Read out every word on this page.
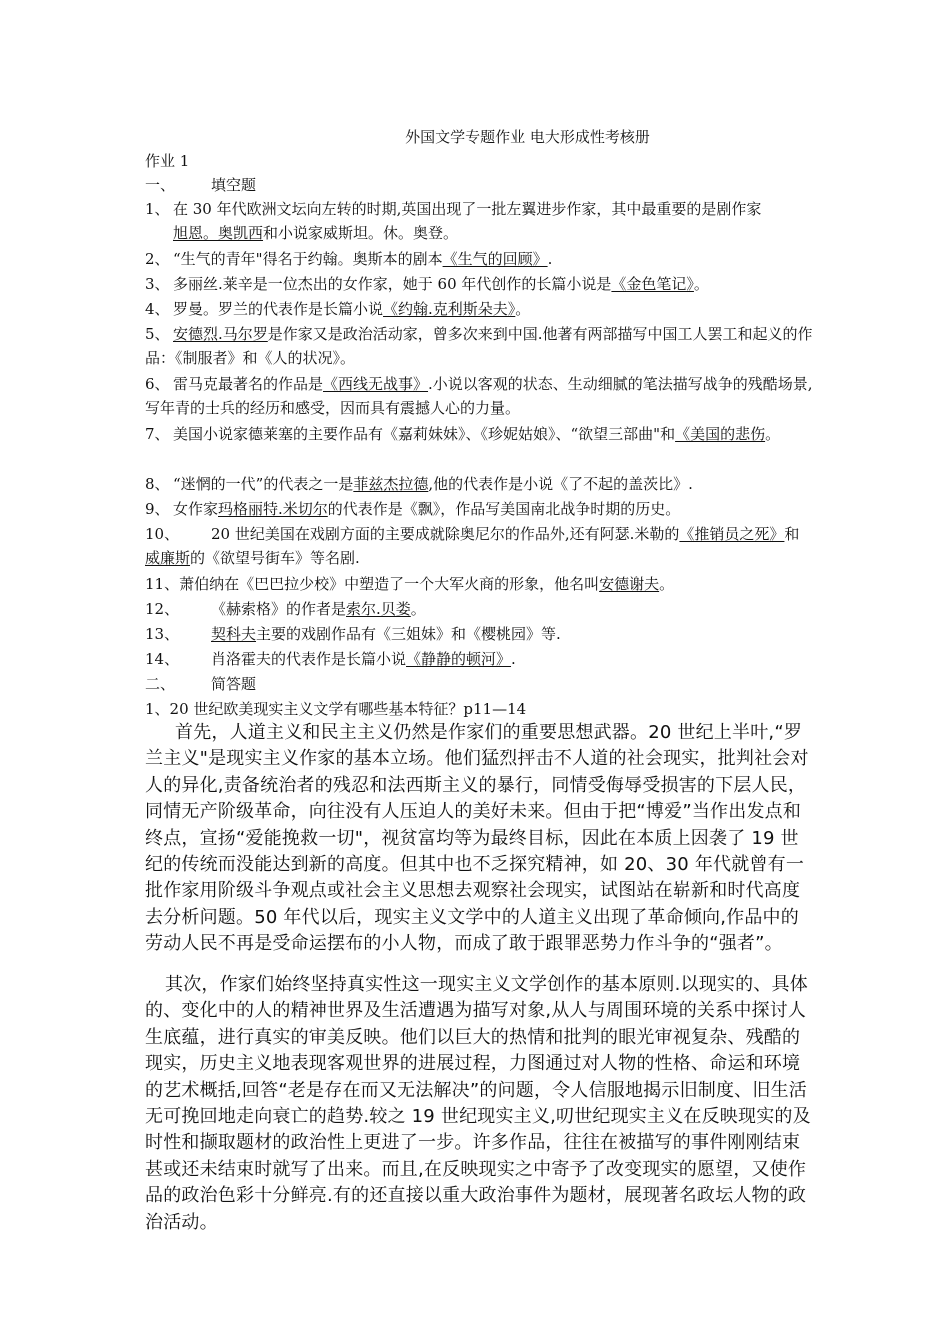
外国文学专题作业 电大形成性考核册
作业 1
一、 填空题
1、 在 30 年代欧洲文坛向左转的时期,英国出现了一批左翼进步作家，其中最重要的是剧作家
旭恩。奥凯西和小说家威斯坦。休。奥登。
2、 “生气的青年"得名于约翰。奥斯本的剧本《生气的回顾》.
3、 多丽丝.莱辛是一位杰出的女作家，她于 60 年代创作的长篇小说是《金色笔记》。
4、 罗曼。罗兰的代表作是长篇小说《约翰.克利斯朵夫》。
5、 安德烈.马尔罗是作家又是政治活动家，曾多次来到中国.他著有两部描写中国工人罢工和起义的作品：《制服者》和《人的状况》。
6、 雷马克最著名的作品是《西线无战事》.小说以客观的状态、生动细腻的笔法描写战争的残酷场景,写年青的士兵的经历和感受，因而具有震撼人心的力量。
7、 美国小说家德莱塞的主要作品有《嘉莉妹妹》、《珍妮姑娘》、“欲望三部曲"和《美国的悲伤。
8、 “迷惘的一代”的代表之一是菲兹杰拉德,他的代表作是小说《了不起的盖茨比》.
9、 女作家玛格丽特.米切尔的代表作是《飘》，作品写美国南北战争时期的历史。
10、 20 世纪美国在戏剧方面的主要成就除奥尼尔的作品外,还有阿瑟.米勒的《推销员之死》和威廉斯的《欲望号街车》等名剧.
11、萧伯纳在《巴巴拉少校》中塑造了一个大军火商的形象，他名叫安德谢夫。
12、 《赫索格》的作者是索尔.贝娄。
13、 契科夫主要的戏剧作品有《三姐妹》和《樱桃园》等.
14、 肖洛霍夫的代表作是长篇小说《静静的顿河》.
二、 简答题
1、20 世纪欧美现实主义文学有哪些基本特征？p11—14
首先，人道主义和民主主义仍然是作家们的重要思想武器。20 世纪上半叶,“罗兰主义"是现实主义作家的基本立场。他们猛烈抨击不人道的社会现实，批判社会对人的异化,责备统治者的残忍和法西斯主义的暴行，同情受侮辱受损害的下层人民，同情无产阶级革命，向往没有人压迫人的美好未来。但由于把“博爱”当作出发点和终点，宣扬“爱能挽救一切"，视贫富均等为最终目标，因此在本质上因袭了 19 世纪的传统而没能达到新的高度。但其中也不乏探究精神，如 20、30 年代就曾有一批作家用阶级斗争观点或社会主义思想去观察社会现实，试图站在崭新和时代高度去分析问题。50 年代以后，现实主义文学中的人道主义出现了革命倾向,作品中的劳动人民不再是受命运摆布的小人物，而成了敢于跟罪恶势力作斗争的“强者”。
其次，作家们始终坚持真实性这一现实主义文学创作的基本原则.以现实的、具体的、变化中的人的精神世界及生活遭遇为描写对象,从人与周围环境的关系中探讨人生底蕴，进行真实的审美反映。他们以巨大的热情和批判的眼光审视复杂、残酷的现实，历史主义地表现客观世界的进展过程，力图通过对人物的性格、命运和环境的艺术概括,回答“老是存在而又无法解决”的问题，令人信服地揭示旧制度、旧生活无可挽回地走向衰亡的趋势.较之 19 世纪现实主义,叨世纪现实主义在反映现实的及时性和撷取题材的政治性上更进了一步。许多作品，往往在被描写的事件刚刚结束甚或还未结束时就写了出来。而且,在反映现实之中寄予了改变现实的愿望，又使作品的政治色彩十分鲜亮.有的还直接以重大政治事件为题材，展现著名政坛人物的政治活动。
